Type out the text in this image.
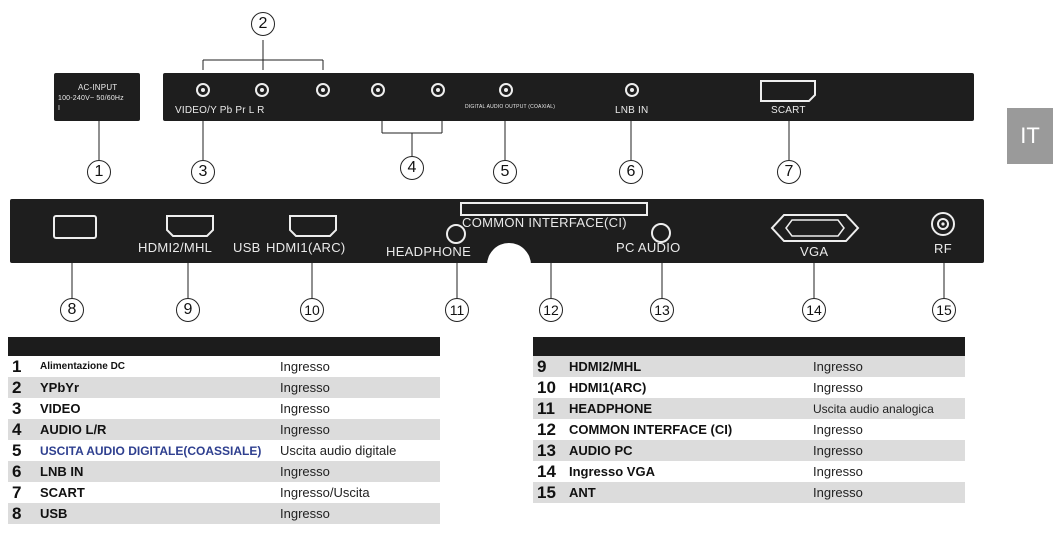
AC-INPUT
100-240V~ 50/60Hz
I	VIDEO/Y Pb Pr L R	DIGITAL AUDIO OUTPUT (COAXIAL)	LNB IN	SCART
2
1	3	4	5	6	7
IT
HDMI2/MHL USB HDMI1(ARC)	HEADPHONE
COMMON INTERFACE(CI)
PC AUDIO	VGA	RF
8	9	10	11	12	13	14	15

1	Alimentazione DC	Ingresso
2	YPbYr	Ingresso
3	VIDEO	Ingresso
4	AUDIO L/R	Ingresso
5	USCITA AUDIO DIGITALE(COASSIALE)	Uscita audio digitale
6	LNB IN	Ingresso
7	SCART	Ingresso/Uscita
8	USB	Ingresso

9	HDMI2/MHL	Ingresso
10	HDMI1(ARC)	Ingresso
11	HEADPHONE	Uscita audio analogica
12	COMMON INTERFACE (CI)	Ingresso
13	AUDIO PC	Ingresso
14	Ingresso VGA	Ingresso
15	ANT	Ingresso
